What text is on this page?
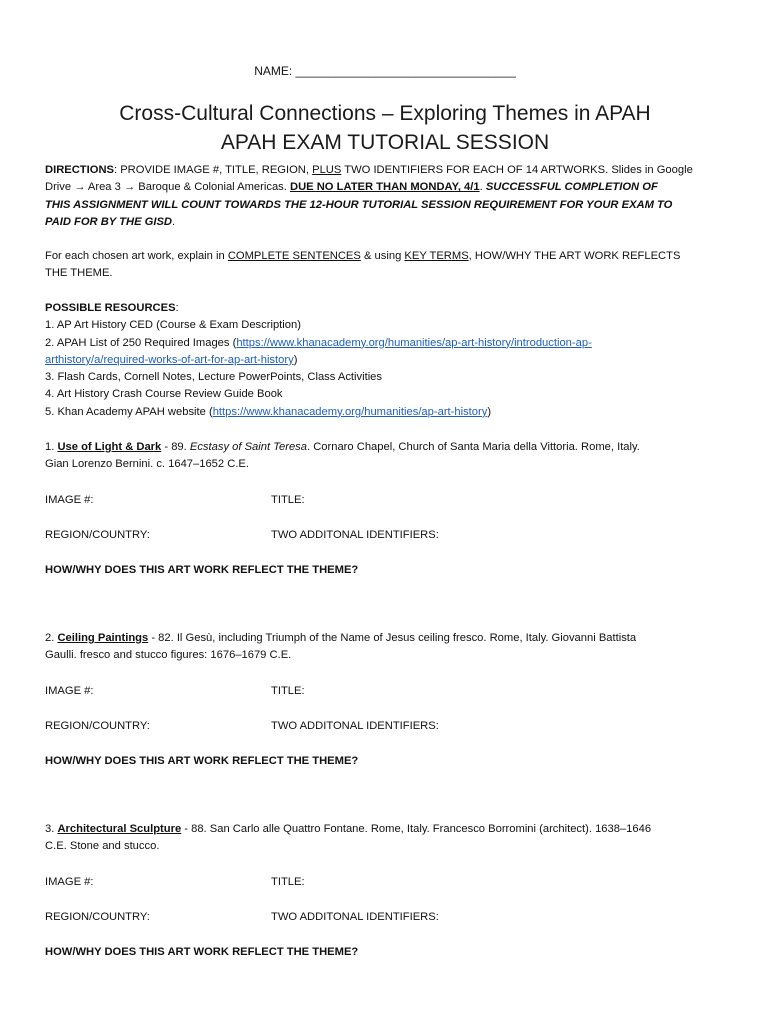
NAME: _________________________________
Cross-Cultural Connections – Exploring Themes in APAH
APAH EXAM TUTORIAL SESSION
DIRECTIONS: PROVIDE IMAGE #, TITLE, REGION, PLUS TWO IDENTIFIERS FOR EACH OF 14 ARTWORKS. Slides in Google
Drive → Area 3 → Baroque & Colonial Americas. DUE NO LATER THAN MONDAY, 4/1. SUCCESSFUL COMPLETION OF
THIS ASSIGNMENT WILL COUNT TOWARDS THE 12-HOUR TUTORIAL SESSION REQUIREMENT FOR YOUR EXAM TO
PAID FOR BY THE GISD.
For each chosen art work, explain in COMPLETE SENTENCES & using KEY TERMS, HOW/WHY THE ART WORK REFLECTS
THE THEME.
POSSIBLE RESOURCES:
1. AP Art History CED (Course & Exam Description)
2. APAH List of 250 Required Images (https://www.khanacademy.org/humanities/ap-art-history/introduction-ap-
arthistory/a/required-works-of-art-for-ap-art-history)
3. Flash Cards, Cornell Notes, Lecture PowerPoints, Class Activities
4. Art History Crash Course Review Guide Book
5. Khan Academy APAH website (https://www.khanacademy.org/humanities/ap-art-history)
1. Use of Light & Dark - 89. Ecstasy of Saint Teresa. Cornaro Chapel, Church of Santa Maria della Vittoria. Rome, Italy.
Gian Lorenzo Bernini. c. 1647–1652 C.E.
IMAGE #:	TITLE:
REGION/COUNTRY:	TWO ADDITONAL IDENTIFIERS:
HOW/WHY DOES THIS ART WORK REFLECT THE THEME?
2. Ceiling Paintings - 82. Il Gesù, including Triumph of the Name of Jesus ceiling fresco. Rome, Italy. Giovanni Battista
Gaulli. fresco and stucco figures: 1676–1679 C.E.
IMAGE #:	TITLE:
REGION/COUNTRY:	TWO ADDITONAL IDENTIFIERS:
HOW/WHY DOES THIS ART WORK REFLECT THE THEME?
3. Architectural Sculpture - 88. San Carlo alle Quattro Fontane. Rome, Italy. Francesco Borromini (architect). 1638–1646
C.E. Stone and stucco.
IMAGE #:	TITLE:
REGION/COUNTRY:	TWO ADDITONAL IDENTIFIERS:
HOW/WHY DOES THIS ART WORK REFLECT THE THEME?
